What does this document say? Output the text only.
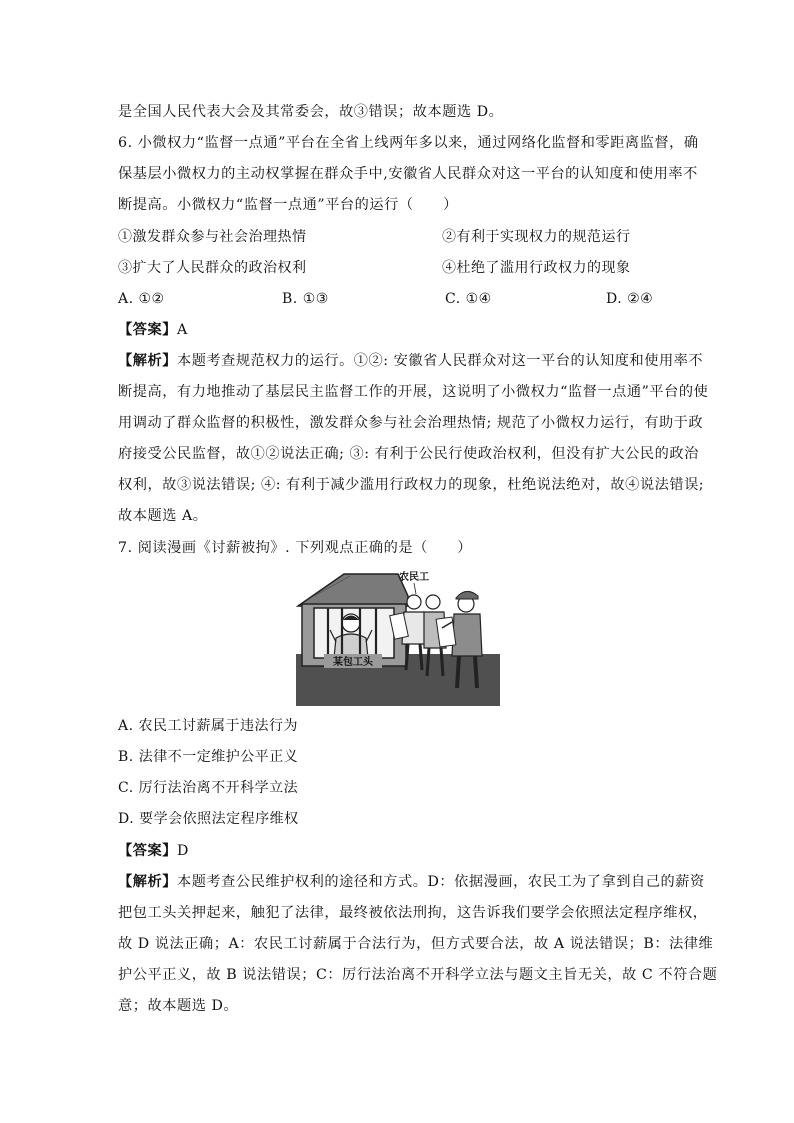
是全国人民代表大会及其常委会，故③错误；故本题选 D。
6. 小微权力“监督一点通”平台在全省上线两年多以来，通过网络化监督和零距离监督，确
保基层小微权力的主动权掌握在群众手中,安徽省人民群众对这一平台的认知度和使用率不
断提高。小微权力“监督一点通”平台的运行（　　）
①激发群众参与社会治理热情	②有利于实现权力的规范运行
③扩大了人民群众的政治权利	④杜绝了滥用行政权力的现象
A. ①②	B. ①③	C. ①④	D. ②④
【答案】A
【解析】本题考查规范权力的运行。①②: 安徽省人民群众对这一平台的认知度和使用率不
断提高，有力地推动了基层民主监督工作的开展，这说明了小微权力“监督一点通”平台的使
用调动了群众监督的积极性，激发群众参与社会治理热情; 规范了小微权力运行，有助于政
府接受公民监督，故①②说法正确; ③: 有利于公民行使政治权利，但没有扩大公民的政治
权利，故③说法错误; ④: 有利于减少滥用行政权力的现象，杜绝说法绝对，故④说法错误;
故本题选 A。
7. 阅读漫画《讨薪被拘》. 下列观点正确的是（　　）
A. 农民工讨薪属于违法行为
B. 法律不一定维护公平正义
C. 厉行法治离不开科学立法
D. 要学会依照法定程序维权
【答案】D
【解析】本题考查公民维护权利的途径和方式。D：依据漫画，农民工为了拿到自己的薪资
把包工头关押起来，触犯了法律，最终被依法刑拘，这告诉我们要学会依照法定程序维权，
故 D 说法正确；A：农民工讨薪属于合法行为，但方式要合法，故 A 说法错误；B：法律维
护公平正义，故 B 说法错误；C：厉行法治离不开科学立法与题文主旨无关，故 C 不符合题
意；故本题选 D。
某包工头
农民工
